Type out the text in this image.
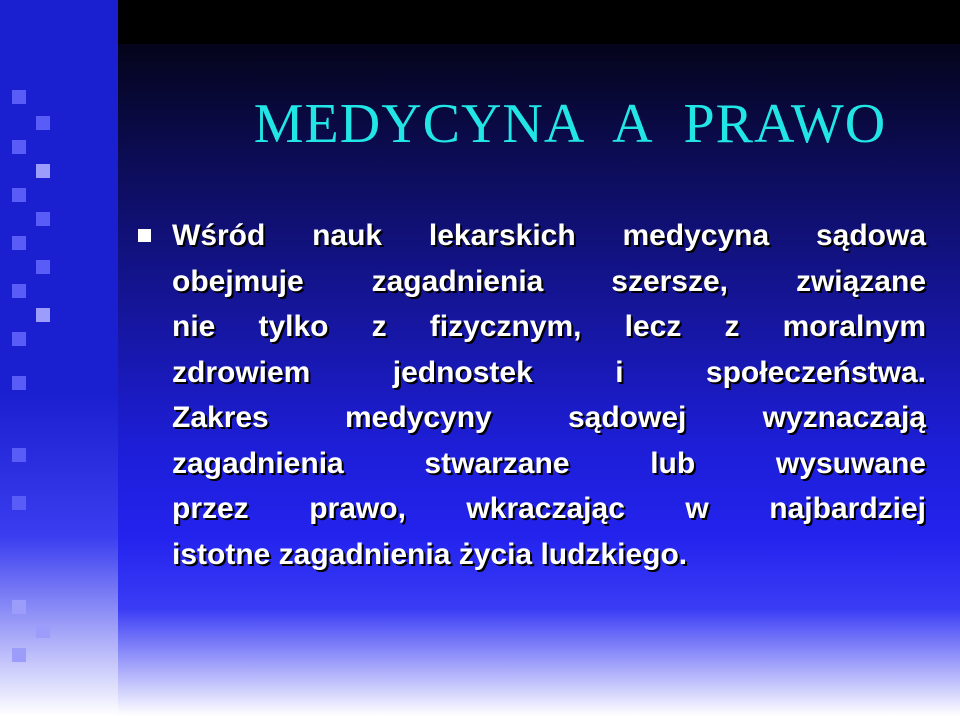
MEDYCYNA A PRAWO

Wśród nauk lekarskich medycyna sądowa
obejmuje zagadnienia szersze, związane
nie tylko z fizycznym, lecz z moralnym
zdrowiem jednostek i społeczeństwa.
Zakres medycyny sądowej wyznaczają
zagadnienia stwarzane lub wysuwane
przez prawo, wkraczając w najbardziej
istotne zagadnienia życia ludzkiego.
